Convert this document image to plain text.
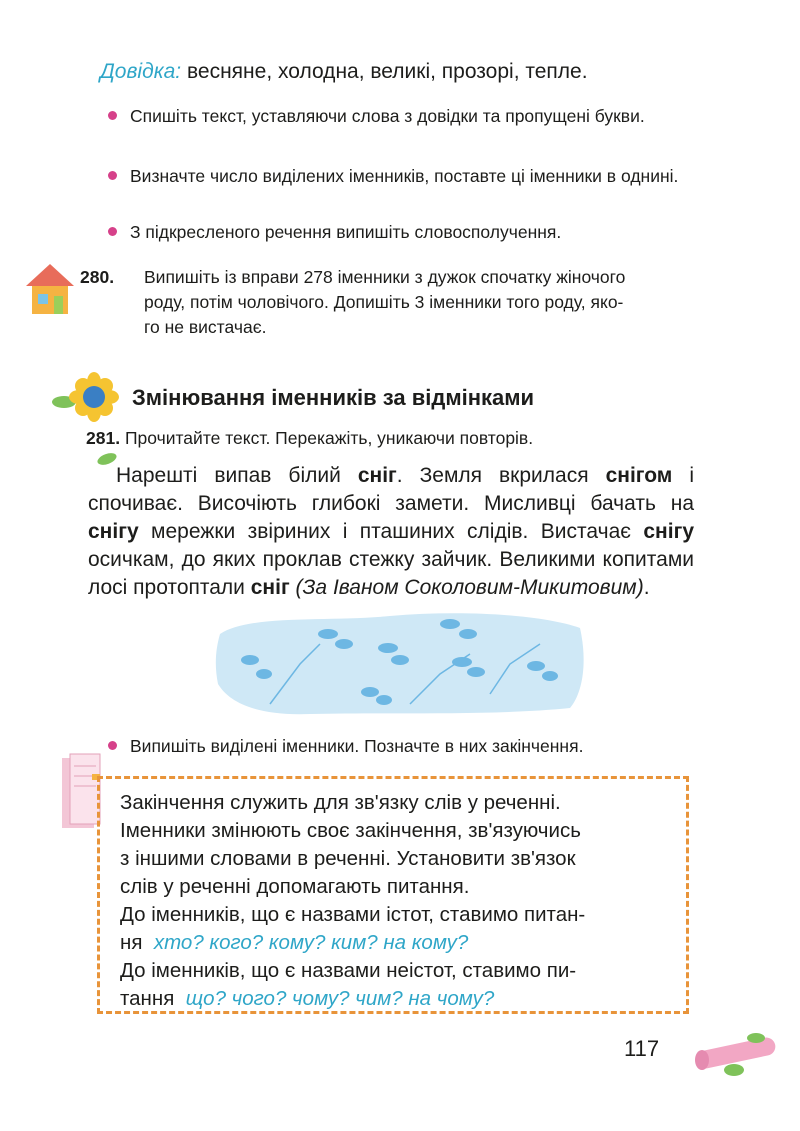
Довідка: весняне, холодна, великі, прозорі, тепле.
Спишіть текст, уставляючи слова з довідки та пропущені букви.
Визначте число виділених іменників, поставте ці іменники в однині.
З підкресленого речення випишіть словосполучення.
280. Випишіть із вправи 278 іменники з дужок спочатку жіночого
роду, потім чоловічого. Допишіть 3 іменники того роду, яко-
го не вистачає.
Змінювання іменників за відмінками
281. Прочитайте текст. Перекажіть, уникаючи повторів.
Нарешті випав білий сніг. Земля вкрилася снігом і спочиває. Височіють глибокі замети. Мисливці бачать на снігу мережки звіриних і пташиних слідів. Вистачає снігу осичкам, до яких проклав стежку зайчик. Великими копитами лосі протоптали сніг (За Іваном Соколовим-Микитовим).
Випишіть виділені іменники. Позначте в них закінчення.
Закінчення служить для зв'язку слів у реченні.
Іменники змінюють своє закінчення, зв'язуючись
з іншими словами в реченні. Установити зв'язок
слів у реченні допомагають питання.
До іменників, що є назвами істот, ставимо питан-
ня хто? кого? кому? ким? на кому?
До іменників, що є назвами неістот, ставимо пи-
тання що? чого? чому? чим? на чому?
117
